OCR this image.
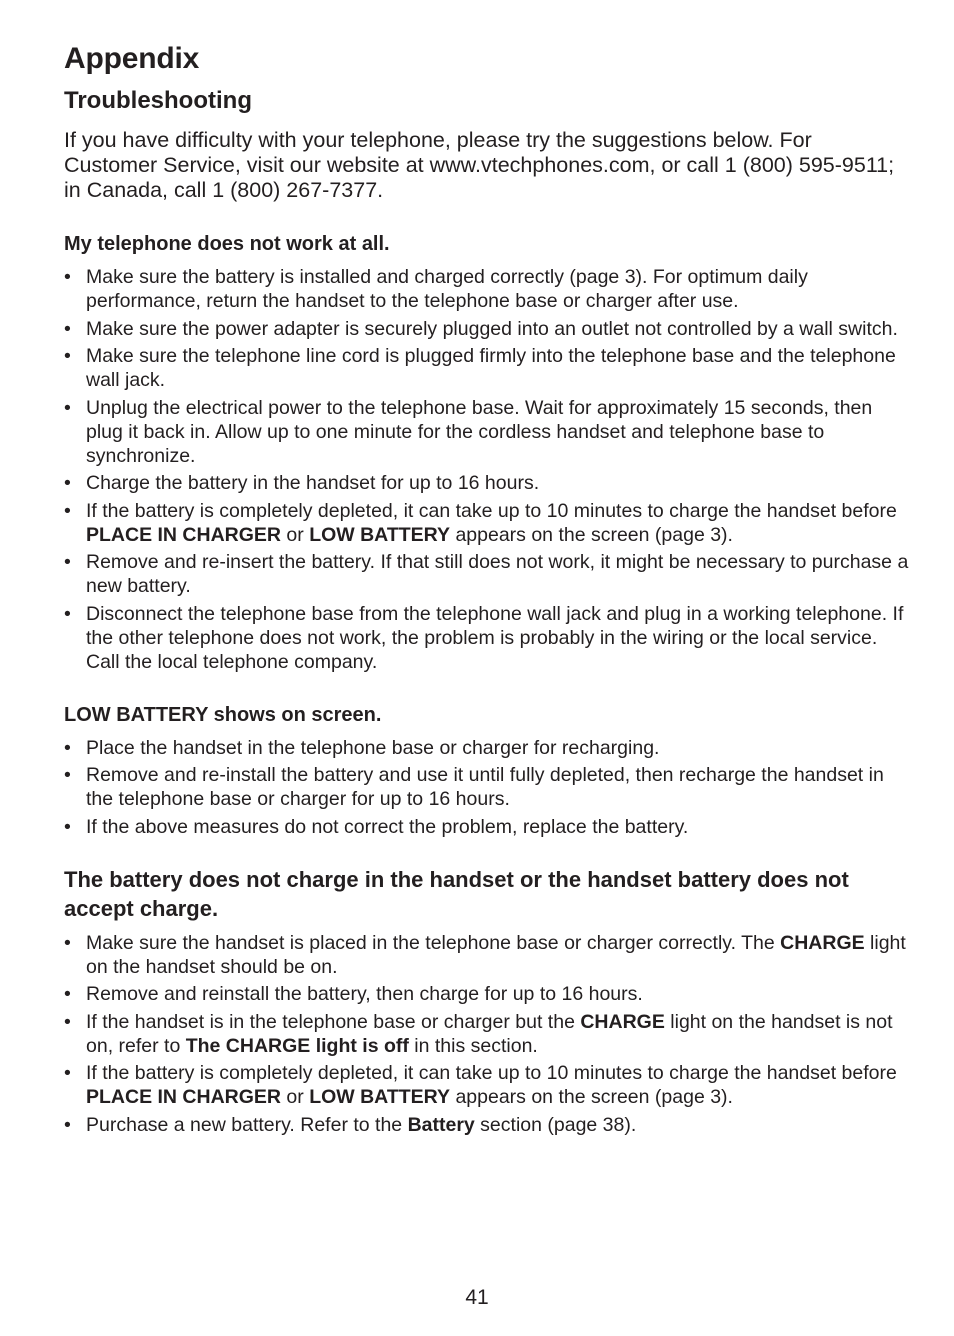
Appendix
Troubleshooting

If you have difficulty with your telephone, please try the suggestions below. For Customer Service, visit our website at www.vtechphones.com, or call 1 (800) 595-9511; in Canada, call 1 (800) 267-7377.

My telephone does not work at all.
• Make sure the battery is installed and charged correctly (page 3). For optimum daily performance, return the handset to the telephone base or charger after use.
• Make sure the power adapter is securely plugged into an outlet not controlled by a wall switch.
• Make sure the telephone line cord is plugged firmly into the telephone base and the telephone wall jack.
• Unplug the electrical power to the telephone base. Wait for approximately 15 seconds, then plug it back in. Allow up to one minute for the cordless handset and telephone base to synchronize.
• Charge the battery in the handset for up to 16 hours.
• If the battery is completely depleted, it can take up to 10 minutes to charge the handset before PLACE IN CHARGER or LOW BATTERY appears on the screen (page 3).
• Remove and re-insert the battery. If that still does not work, it might be necessary to purchase a new battery.
• Disconnect the telephone base from the telephone wall jack and plug in a working telephone. If the other telephone does not work, the problem is probably in the wiring or the local service. Call the local telephone company.
LOW BATTERY shows on screen.
• Place the handset in the telephone base or charger for recharging.
• Remove and re-install the battery and use it until fully depleted, then recharge the handset in the telephone base or charger for up to 16 hours.
• If the above measures do not correct the problem, replace the battery.
The battery does not charge in the handset or the handset battery does not accept charge.
• Make sure the handset is placed in the telephone base or charger correctly. The CHARGE light on the handset should be on.
• Remove and reinstall the battery, then charge for up to 16 hours.
• If the handset is in the telephone base or charger but the CHARGE light on the handset is not on, refer to The CHARGE light is off in this section.
• If the battery is completely depleted, it can take up to 10 minutes to charge the handset before PLACE IN CHARGER or LOW BATTERY appears on the screen (page 3).
• Purchase a new battery. Refer to the Battery section (page 38).
41
